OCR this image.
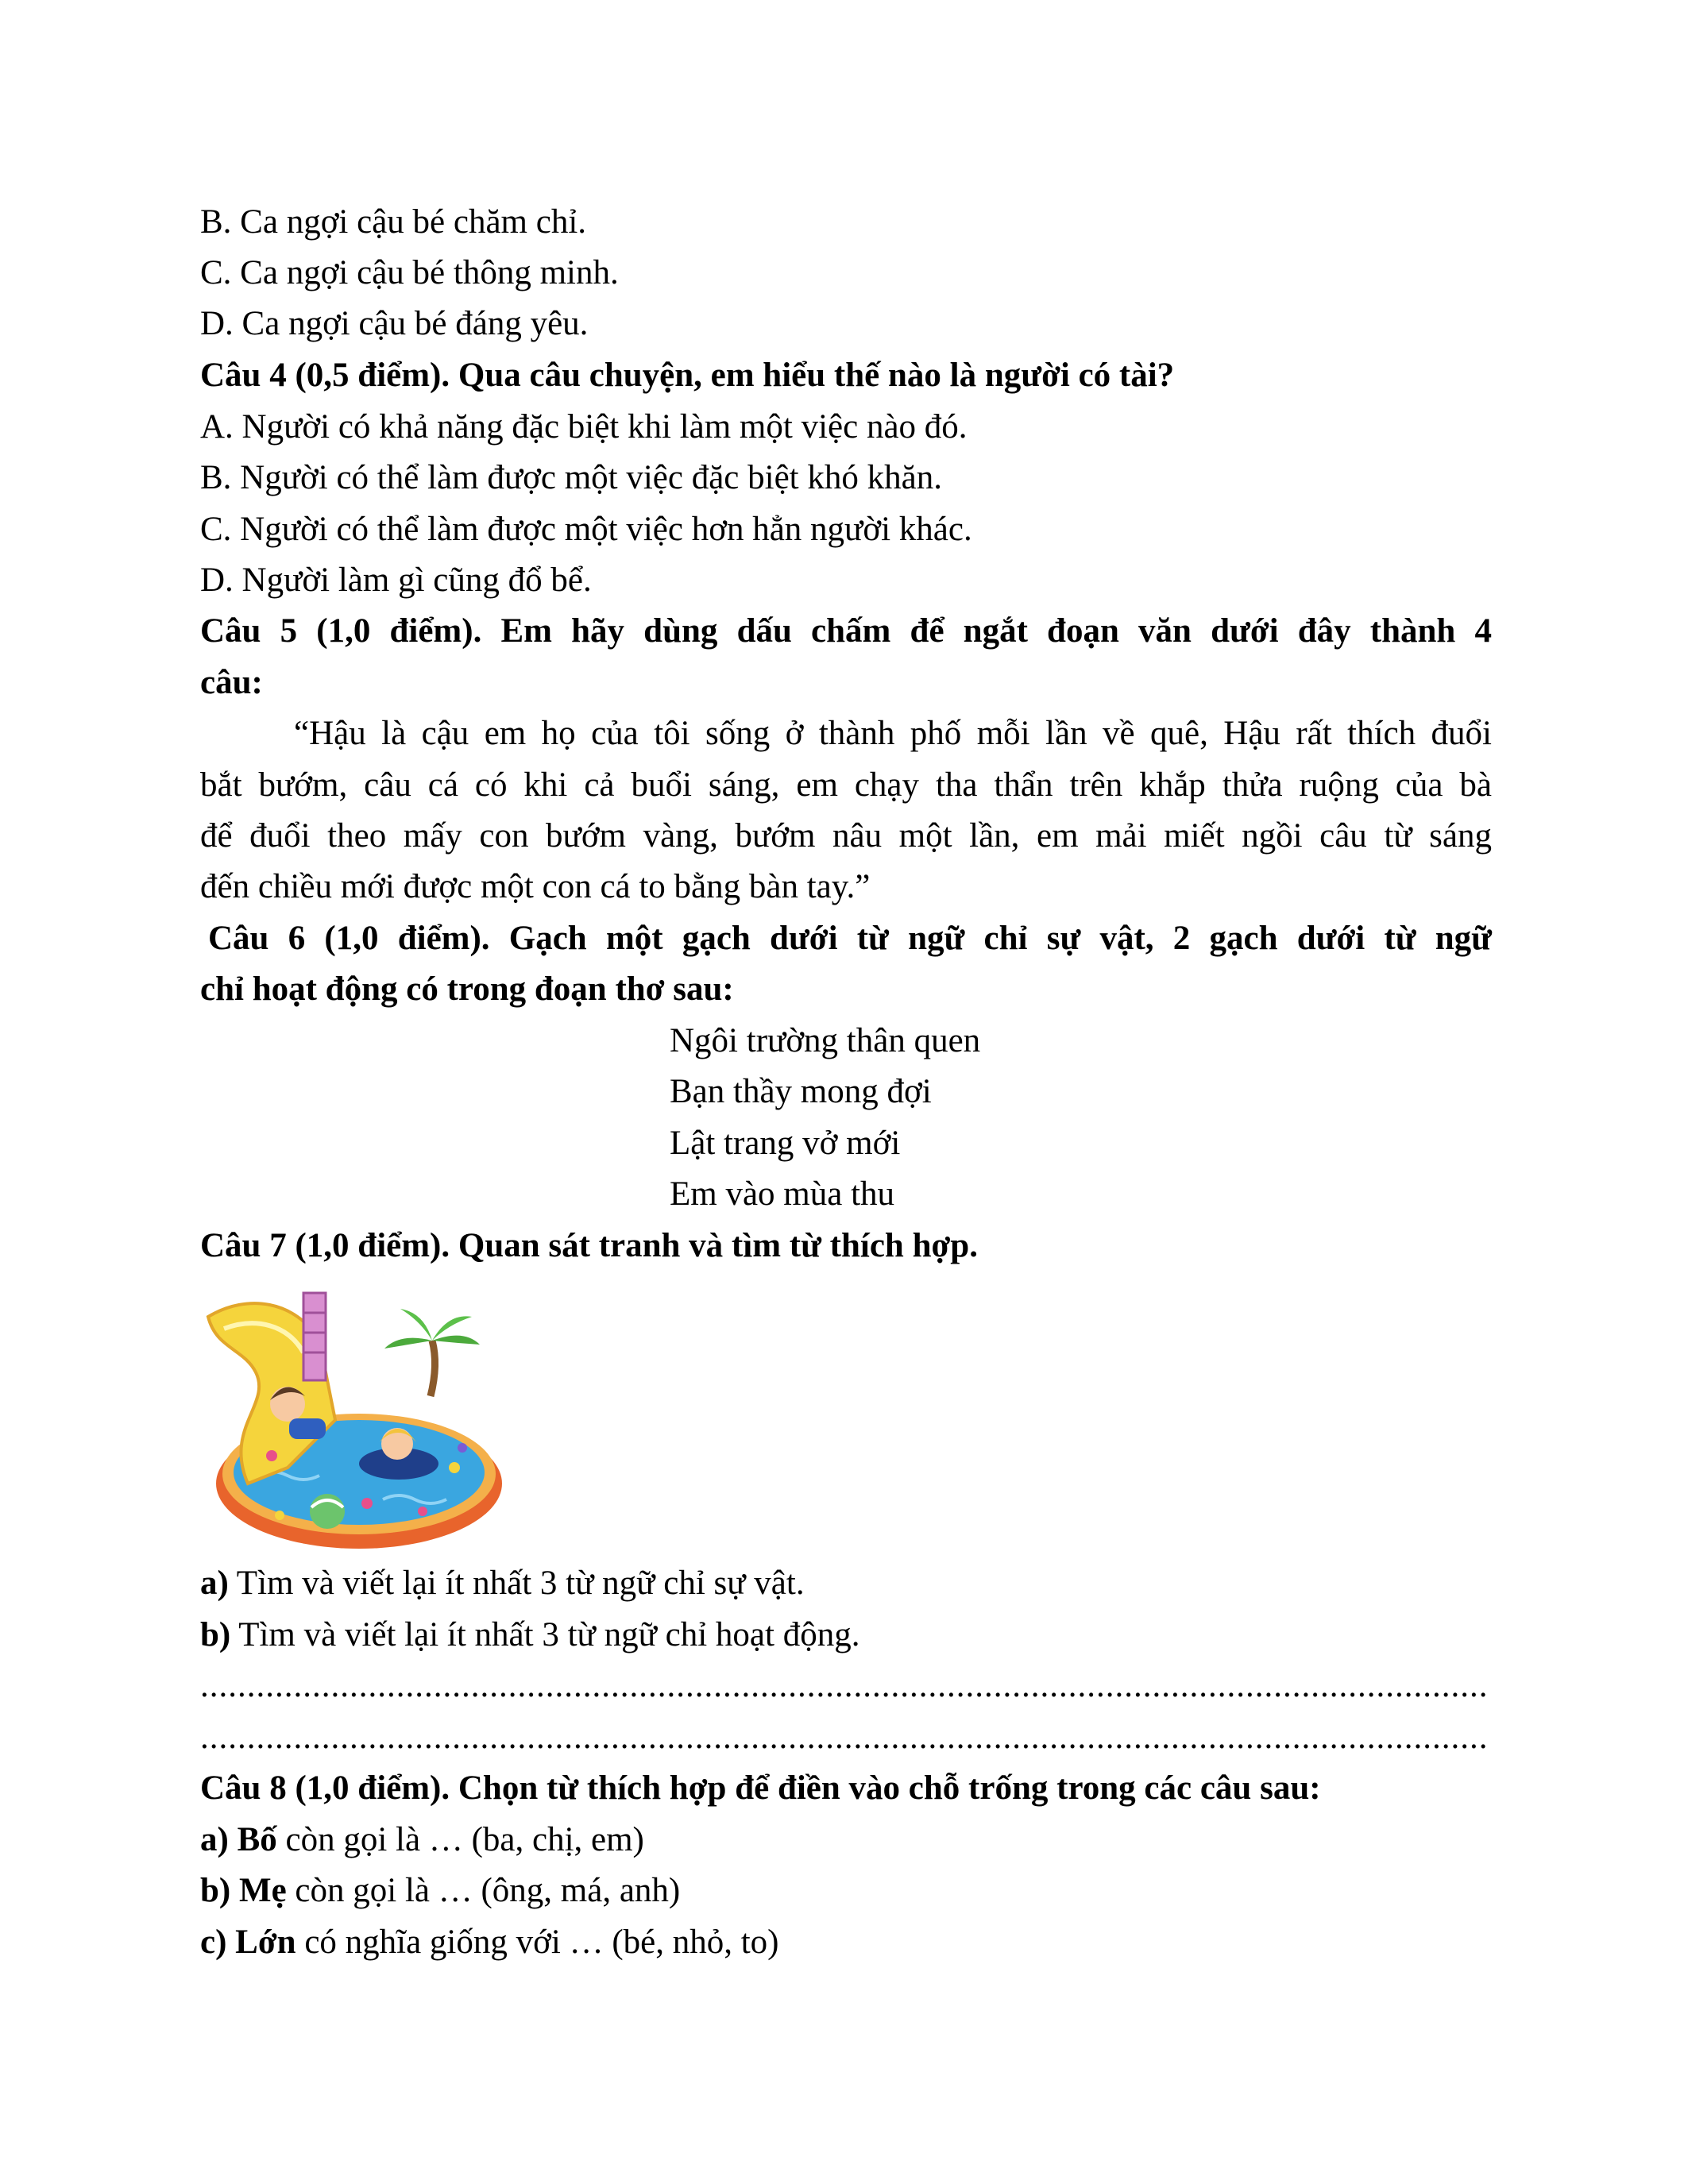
B. Ca ngợi cậu bé chăm chỉ.

C. Ca ngợi cậu bé thông minh.

D. Ca ngợi cậu bé đáng yêu.

Câu 4 (0,5 điểm). Qua câu chuyện, em hiểu thế nào là người có tài?

A. Người có khả năng đặc biệt khi làm một việc nào đó.

B. Người có thể làm được một việc đặc biệt khó khăn.

C. Người có thể làm được một việc hơn hẳn người khác.

D. Người làm gì cũng đổ bể.

Câu 5 (1,0 điểm). Em hãy dùng dấu chấm để ngắt đoạn văn dưới đây thành 4

câu:

“Hậu là cậu em họ của tôi sống ở thành phố mỗi lần về quê, Hậu rất thích đuổi

bắt bướm, câu cá có khi cả buổi sáng, em chạy tha thẩn trên khắp thửa ruộng của bà

để đuổi theo mấy con bướm vàng, bướm nâu một lần, em mải miết ngồi câu từ sáng

đến chiều mới được một con cá to bằng bàn tay.”

Câu 6 (1,0 điểm). Gạch một gạch dưới từ ngữ chỉ sự vật, 2 gạch dưới từ ngữ

chỉ hoạt động có trong đoạn thơ sau:

Ngôi trường thân quen

Bạn thầy mong đợi

Lật trang vở mới

Em vào mùa thu

Câu 7 (1,0 điểm). Quan sát tranh và tìm từ thích hợp.

a) Tìm và viết lại ít nhất 3 từ ngữ chỉ sự vật.

b) Tìm và viết lại ít nhất 3 từ ngữ chỉ hoạt động.

..........................................................................................................................................

..........................................................................................................................................

Câu 8 (1,0 điểm). Chọn từ thích hợp để điền vào chỗ trống trong các câu sau:

a) Bố còn gọi là … (ba, chị, em)

b) Mẹ còn gọi là … (ông, má, anh)

c) Lớn có nghĩa giống với … (bé, nhỏ, to)
